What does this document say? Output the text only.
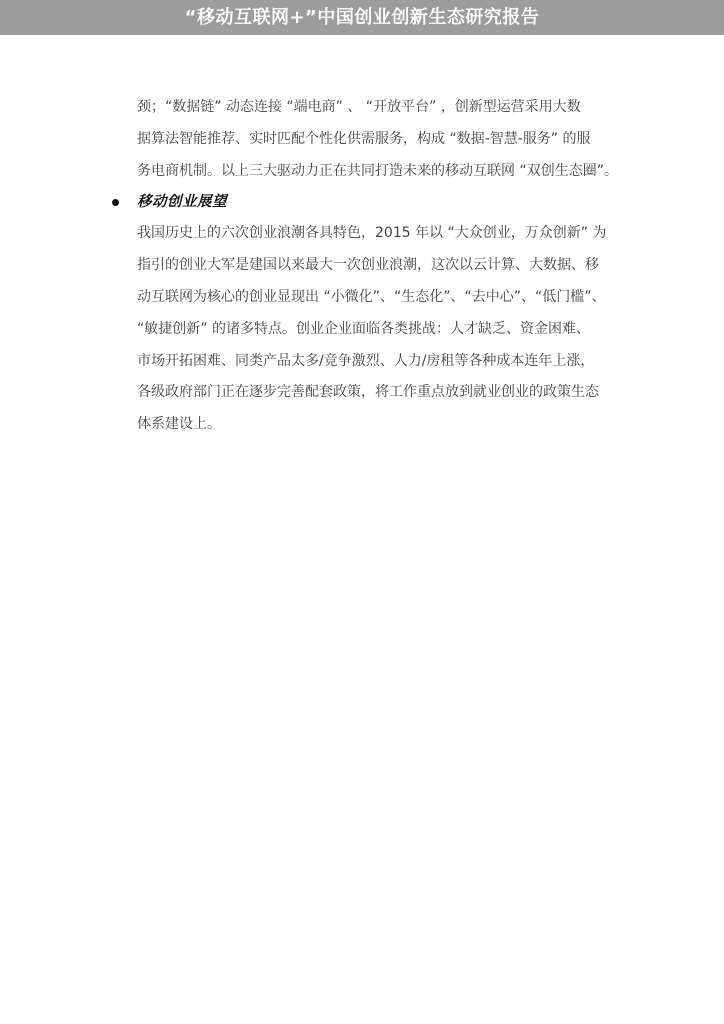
“移动互联网+”中国创业创新生态研究报告

颈；“数据链” 动态连接 “端电商” 、 “开放平台” ，创新型运营采用大数
据算法智能推荐、实时匹配个性化供需服务，构成 “数据-智慧-服务” 的服
务电商机制。以上三大驱动力正在共同打造未来的移动互联网 “双创生态圈”。

移动创业展望

我国历史上的六次创业浪潮各具特色，2015 年以 “大众创业，万众创新” 为
指引的创业大军是建国以来最大一次创业浪潮，这次以云计算、大数据、移
动互联网为核心的创业显现出 “小微化”、“生态化”、“去中心”、“低门槛”、
“敏捷创新” 的诸多特点。创业企业面临各类挑战：人才缺乏、资金困难、
市场开拓困难、同类产品太多/竞争激烈、人力/房租等各种成本连年上涨，
各级政府部门正在逐步完善配套政策，将工作重点放到就业创业的政策生态
体系建设上。
